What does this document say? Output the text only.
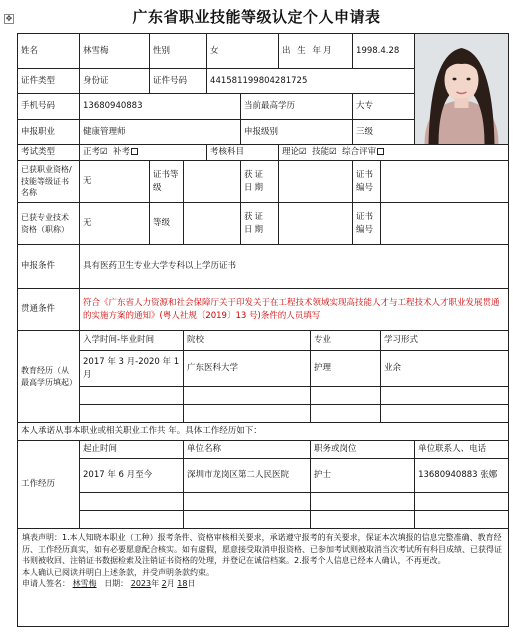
✥	广东省职业技能等级认定个人申请表
姓名	林雪梅	性别		女		出 生 年月		1998.4.28	

证件类型	身份证	证件号码		441581199804281725						
手机号码	13680940883				当前最高学历			大专		
申报职业	健康管理师				申报级别			三级		
考试类型	正考☑ 补考			考核科目		理论☑ 技能☑ 综合评审				
已获职业资格/技能等级证书名称	无	证书等级			获证日期			证书编号		
已获专业技术资格（职称）	无	等级			获证日期			证书编号		
申报条件	具有医药卫生专业大学专科以上学历证书									
贯通条件	符合《广东省人力资源和社会保障厅关于印发关于在工程技术领域实现高技能人才与工程技术人才职业发展贯通的实施方案的通知》(粤人社规〔2019〕13 号)条件的人员填写									
教育经历（从最高学历填起）	入学时间-毕业时间		院校				专业		学习形式	
	2017 年 3 月-2020 年 1 月		广东医科大学				护理		业余	

本人承诺从事本职业或相关职业工作共 年。具体工作经历如下：										
工作经历	起止时间		单位名称				职务或岗位			单位联系人、电话
	2017 年 6 月至今		深圳市龙岗区第二人民医院				护士			13680940883 张娜

填表声明：1.本人知晓本职业（工种）报考条件、资格审核相关要求，承诺遵守报考的有关要求，保证本次填报的信息完整准确、教育经历、工作经历真实，如有必要愿意配合核实。如有虚假，愿意接受取消申报资格、已参加考试则被取消当次考试所有科目成绩、已获得证书则被收回、注销证书数据检索及注销证书资格的处理，并登记在诚信档案。2.报考个人信息已经本人确认，不再更改。
本人确认已阅读并明白上述条款，并受声明条款约束。
申请人签名： 林雪梅 日期： 2023年 2月 18日										
